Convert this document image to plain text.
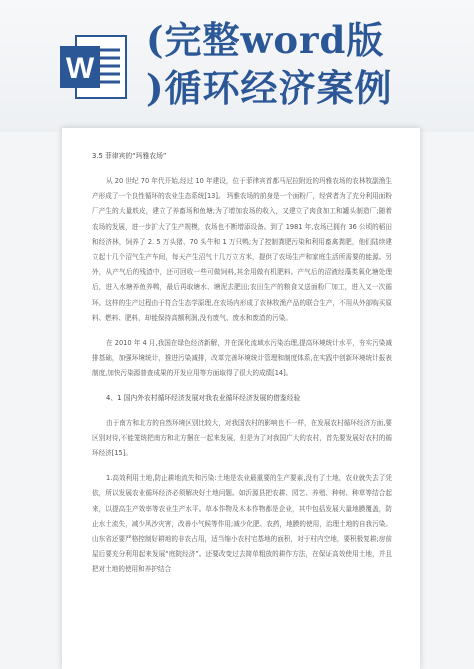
W
(完整word版
)循环经济案例
3.5 菲律宾的“玛雅农场”

从 20 世纪 70 年代开始,经过 10 年建设，位于菲律宾首都马尼拉附近的玛雅农场的农林牧副渔生产形成了一个良性循环的农业生态系统[13]。 玛雅农场的前身是一个面粉厂，经营者为了充分利用面粉厂产生的大量麸皮，建立了养畜场和鱼塘;为了增加农场的收入，又建立了肉食加工和罐头制造厂;随着农场的发展，进一步扩大了生产规模，农场也不断增添设备。到了 1981 年,农场已拥有 36 公顷的稻田和经济林，饲养了 2. 5 万头猪、70 头牛和 1 万只鸭;为了控制粪肥污染和利用畜禽粪肥，他们陆续建立起十几个沼气生产车间，每天产生沼气十几万立方米，提供了农场生产和家庭生活所需要的能源。另外，从产气后的残渣中，还可回收一些可做饲料,其余用做有机肥料。产气后的沼液经藻类氧化塘处理后，进入水塘养鱼养鸭，最后再取塘水、塘泥去肥田;农田生产的粮食又送面粉厂加工，进入又一次循环。这样的生产过程由于符合生态学原理,在农场内形成了农林牧渔产品的联合生产，不用从外部购买原料、燃料、肥料，却能保持高额利润,没有废气、废水和废渣的污染。

在 2010 年 4 月,我国在绿色经济新解，并在深化流域水污染治理,提高环境统计水平，夯实污染减排基础，加强环境统计，推进污染减排，改革完善环境统计管理和制度体系,在实践中创新环境统计报表制度,加快污染源普查成果的开发应用等方面取得了很大的成绩[14]。

4、1 国内外农村循环经济发展对我农业循环经济发展的借鉴经验

由于南方和北方的自然环境区别比较大，对我国农村的影响也不一样，在发展农村循环经济方面,要区别对待,不能笼统把南方和北方捆在一起来发展，但是为了对我国广大的农村，首先要发展好农村的循环经济[15]。

1.高效利用土地,防止耕地流失和污染:土地是农业最重要的生产要素,没有了土地，农业就失去了凭依，所以发展农业循环经济必须解决好土地问题。如沂源县把农耕、园艺、养殖、种树、种草等结合起来，以提高生产效率等农业生产水平。草本作物及木本作物都是企业，其中包括发展大量地膜覆盖，防止水土流失，减少风沙灾害，改善小气候等作用;减少化肥、农药，地膜的使用，治理土地的自我污染。山东省还要严格控制好耕地的非农占用，适当缩小农村宅基地的面积，对于村内空地，要积极复耕;房前屋后要充分利用起来发展“庭院经济”。还要改变过去简单粗放的耕作方法，在保证高效使用土地，并且把对土地的使用和养护结合
